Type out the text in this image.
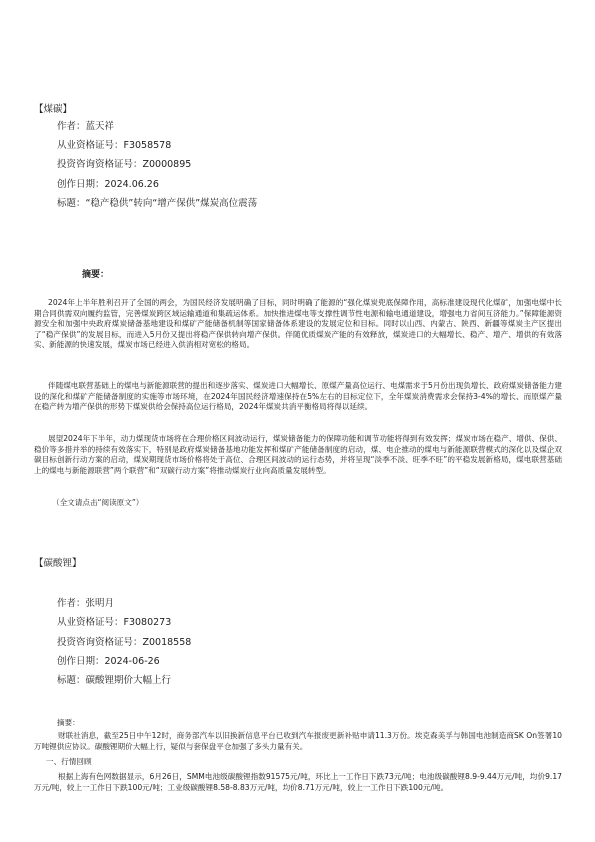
【煤碳】
作者：蓝天祥
从业资格证号：F3058578
投资咨询资格证号：Z0000895
创作日期：2024.06.26
标题：“稳产稳供”转向“增产保供”煤炭高位震荡
摘要：
2024年上半年胜利召开了全国的两会，为国民经济发展明确了目标，同时明确了能源的“强化煤炭兜底保障作用，高标准建设现代化煤矿，加强电煤中长期合同供需双向履约监管，完善煤炭跨区域运输通道和集疏运体系。加快推进煤电等支撑性调节性电源和输电通道建设，增强电力省间互济能力。”保障能源资源安全和加强中央政府煤炭储备基地建设和煤矿产能储备机制等国家储备体系建设的发展定位和目标。同时以山西、内蒙古、陕西、新疆等煤炭主产区提出了“稳产保供”的发展目标，而进入5月份又提出将稳产保供转向增产保供。伴随优质煤炭产能的有效释放，煤炭进口的大幅增长、稳产、增产、增供的有效落实、新能源的快速发展，煤炭市场已经进入供消相对宽松的格局。
伴随煤电联营基础上的煤电与新能源联营的提出和逐步落实、煤炭进口大幅增长、原煤产量高位运行、电煤需求于5月份出现负增长、政府煤炭储备能力建设的深化和煤矿产能储备制度的实施等市场环境，在2024年国民经济增速保持在5%左右的目标定位下，全年煤炭消费需求会保持3-4%的增长、而原煤产量在稳产转为增产保供的形势下煤炭供给会保持高位运行格局，2024年煤炭共消平衡格局将得以延续。
展望2024年下半年，动力煤现货市场将在合理价格区间波动运行，煤炭储备能力的保障功能和调节功能将得到有效发挥；煤炭市场在稳产、增供、保供、稳价等多措并举的持续有效落实下，特别是政府煤炭储备基地功能发挥和煤矿产能储备制度的启动，煤、电企推动的煤电与新能源联营模式的深化以及煤企双碳目标创新行动方案的启动，煤炭期现货市场价格将处于高位、合理区间波动的运行态势，并将呈现“淡季不淡、旺季不旺”的平稳发展新格局，煤电联营基础上的煤电与新能源联营”两个联营”和“双碳行动方案”将推动煤炭行业向高质量发展转型。
（全文请点击“阅读原文”）
【碳酸锂】
作者：张明月
从业资格证号：F3080273
投资咨询资格证号：Z0018558
创作日期：2024-06-26
标题：碳酸锂期价大幅上行
摘要：
财联社消息，截至25日中午12时，商务部汽车以旧换新信息平台已收到汽车报废更新补贴申请11.3万份。埃克森美孚与韩国电池制造商SK On签署10万吨锂供应协议。碳酸锂期价大幅上行，疑似与套保盘平仓加强了多头力量有关。
一、行情回顾
根据上海有色网数据显示，6月26日，SMM电池级碳酸锂指数91575元/吨，环比上一工作日下跌73元/吨；电池级碳酸锂8.9-9.44万元/吨，均价9.17万元/吨，较上一工作日下跌100元/吨；工业级碳酸锂8.58-8.83万元/吨，均价8.71万元/吨，较上一工作日下跌100元/吨。
